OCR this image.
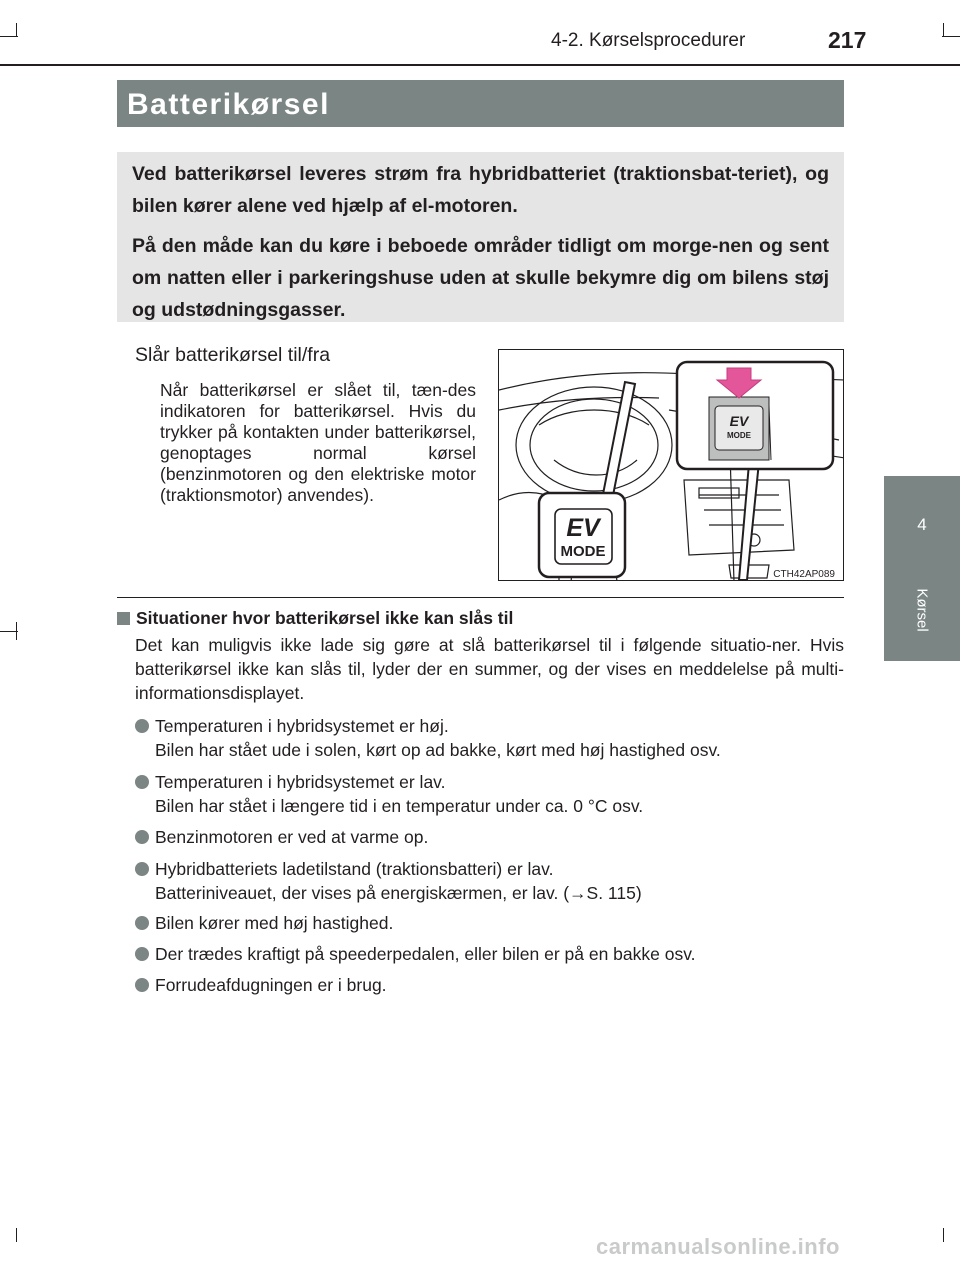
4-2. Kørselsprocedurer	217
4
Kørsel
Batterikørsel

Ved batterikørsel leveres strøm fra hybridbatteriet (traktionsbat-teriet), og bilen kører alene ved hjælp af el-motoren.

På den måde kan du køre i beboede områder tidligt om morge-nen og sent om natten eller i parkeringshuse uden at skulle bekymre dig om bilens støj og udstødningsgasser.

Slår batterikørsel til/fra
Når batterikørsel er slået til, tæn-des indikatoren for batterikørsel. Hvis du trykker på kontakten under batterikørsel, genoptages normal kørsel (benzinmotoren og den elektriske motor (traktionsmotor) anvendes).
EV
MODE
EV
MODE
CTH42AP089
Situationer hvor batterikørsel ikke kan slås til
Det kan muligvis ikke lade sig gøre at slå batterikørsel til i følgende situatio-ner. Hvis batterikørsel ikke kan slås til, lyder der en summer, og der vises en meddelelse på multi-informationsdisplayet.
Temperaturen i hybridsystemet er høj.
Bilen har stået ude i solen, kørt op ad bakke, kørt med høj hastighed osv.
Temperaturen i hybridsystemet er lav.
Bilen har stået i længere tid i en temperatur under ca. 0 °C osv.
Benzinmotoren er ved at varme op.
Hybridbatteriets ladetilstand (traktionsbatteri) er lav.
Batteriniveauet, der vises på energiskærmen, er lav. (→S. 115)
Bilen kører med høj hastighed.
Der trædes kraftigt på speederpedalen, eller bilen er på en bakke osv.
Forrudeafdugningen er i brug.
carmanualsonline.info
